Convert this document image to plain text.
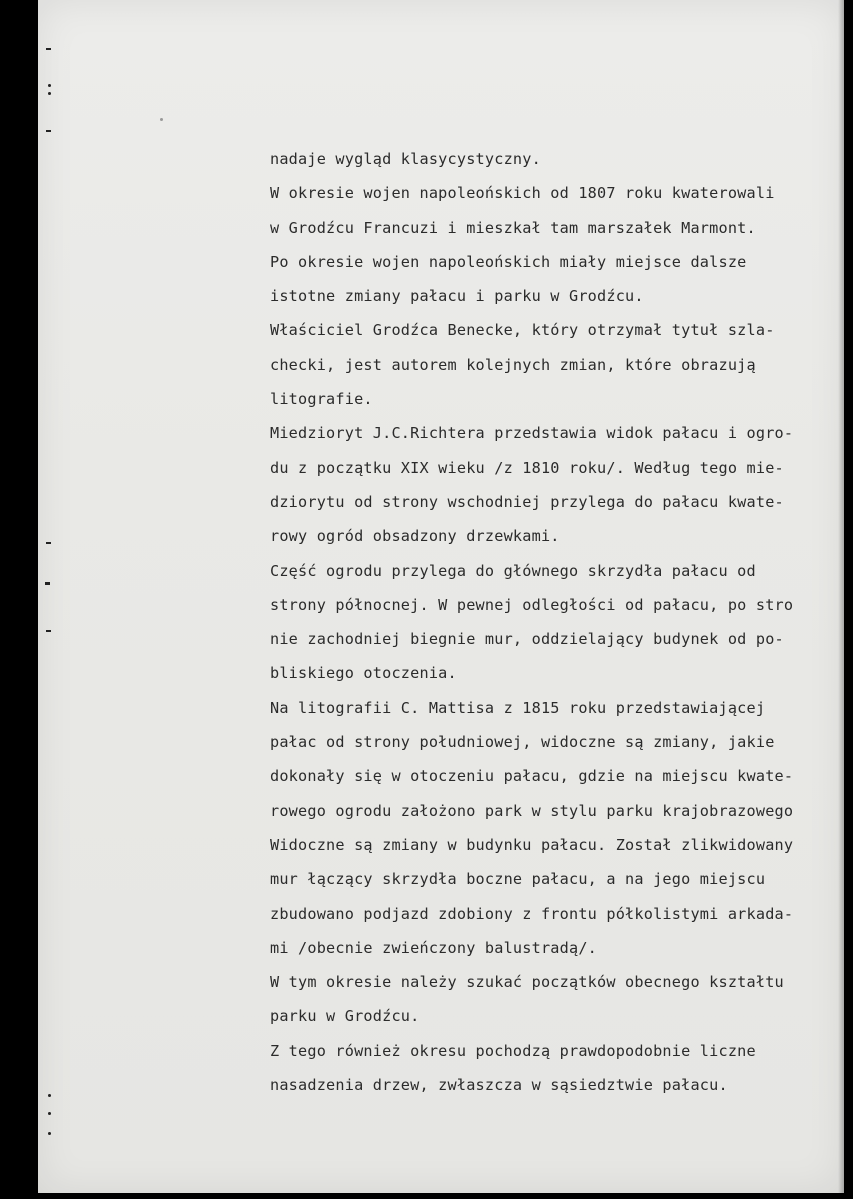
nadaje wygląd klasycystyczny.
W okresie wojen napoleońskich od 1807 roku kwaterowali
w Grodźcu Francuzi i mieszkał tam marszałek Marmont.
Po okresie wojen napoleońskich miały miejsce dalsze
istotne zmiany pałacu i parku w Grodźcu.
Właściciel Grodźca Benecke, który otrzymał tytuł szla-
checki, jest autorem kolejnych zmian, które obrazują
litografie.
Miedzioryt J.C.Richtera przedstawia widok pałacu i ogro-
du z początku XIX wieku /z 1810 roku/. Według tego mie-
dziorytu od strony wschodniej przylega do pałacu kwate-
rowy ogród obsadzony drzewkami.
Część ogrodu przylega do głównego skrzydła pałacu od
strony północnej. W pewnej odległości od pałacu, po stro
nie zachodniej biegnie mur, oddzielający budynek od po-
bliskiego otoczenia.
Na litografii C. Mattisa z 1815 roku przedstawiającej
pałac od strony południowej, widoczne są zmiany, jakie
dokonały się w otoczeniu pałacu, gdzie na miejscu kwate-
rowego ogrodu założono park w stylu parku krajobrazowego
Widoczne są zmiany w budynku pałacu. Został zlikwidowany
mur łączący skrzydła boczne pałacu, a na jego miejscu
zbudowano podjazd zdobiony z frontu półkolistymi arkada-
mi /obecnie zwieńczony balustradą/.
W tym okresie należy szukać początków obecnego kształtu
parku w Grodźcu.
Z tego również okresu pochodzą prawdopodobnie liczne
nasadzenia drzew, zwłaszcza w sąsiedztwie pałacu.
